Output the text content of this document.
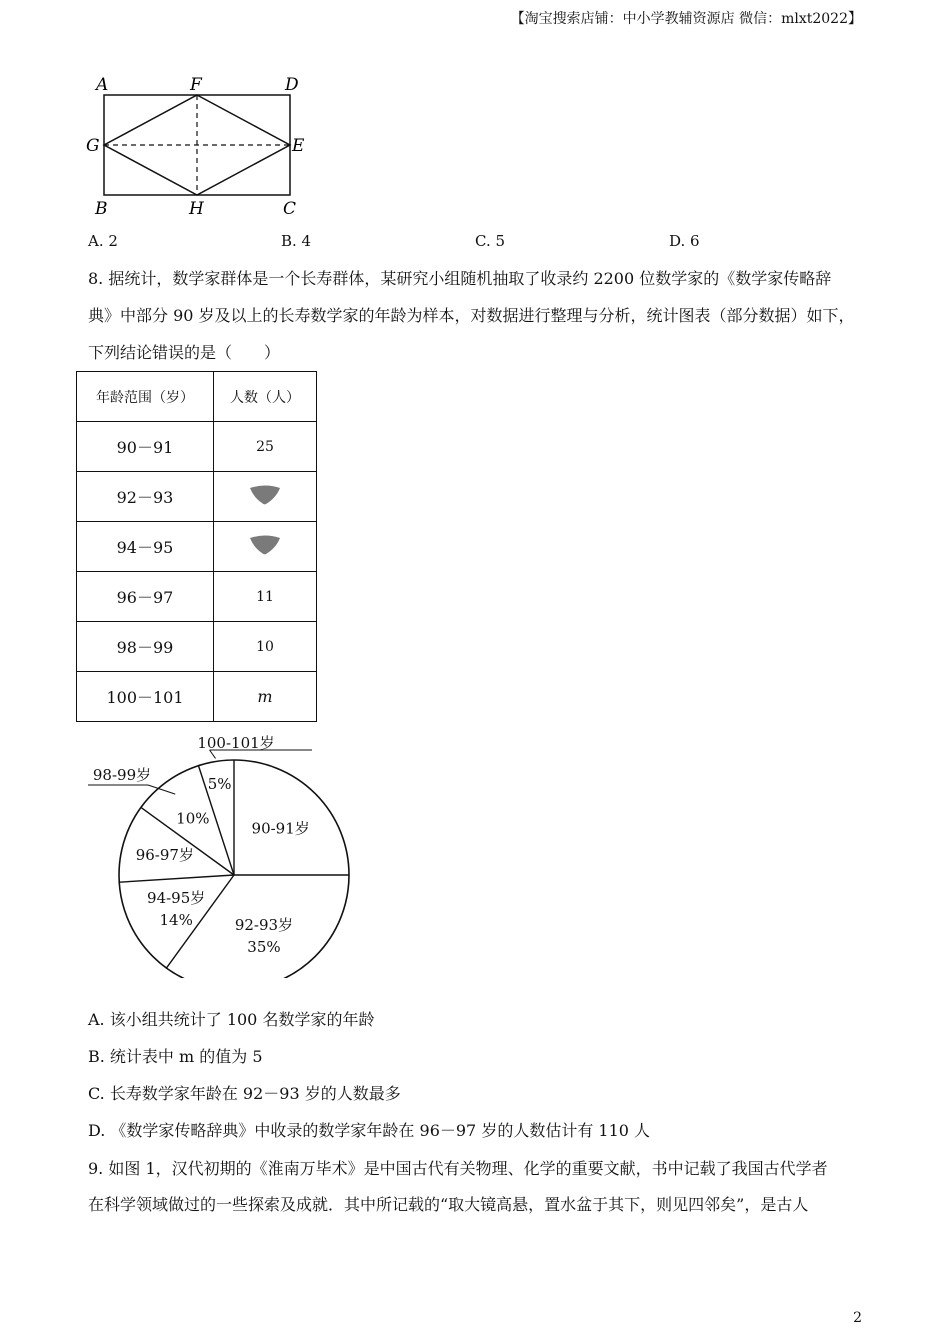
【淘宝搜索店铺：中小学教辅资源店 微信：mlxt2022】
A	F	D
G	E
B	H	C
A. 2	B. 4	C. 5	D. 6
8. 据统计，数学家群体是一个长寿群体，某研究小组随机抽取了收录约 2200 位数学家的《数学家传略辞
典》中部分 90 岁及以上的长寿数学家的年龄为样本，对数据进行整理与分析，统计图表（部分数据）如下，
下列结论错误的是（　　）
年龄范围（岁）	人数（人）
90－91	25
92－93	
94－95	
96－97	11
98－99	10
100－101	m
90-91岁
92-93岁
35%
94-95岁
14%
96-97岁
10%
98-99岁
5%
100-101岁
A. 该小组共统计了 100 名数学家的年龄
B. 统计表中 m 的值为 5
C. 长寿数学家年龄在 92－93 岁的人数最多
D. 《数学家传略辞典》中收录的数学家年龄在 96－97 岁的人数估计有 110 人
9. 如图 1，汉代初期的《淮南万毕术》是中国古代有关物理、化学的重要文献，书中记载了我国古代学者
在科学领域做过的一些探索及成就．其中所记载的“取大镜高悬，置水盆于其下，则见四邻矣”，是古人
2
